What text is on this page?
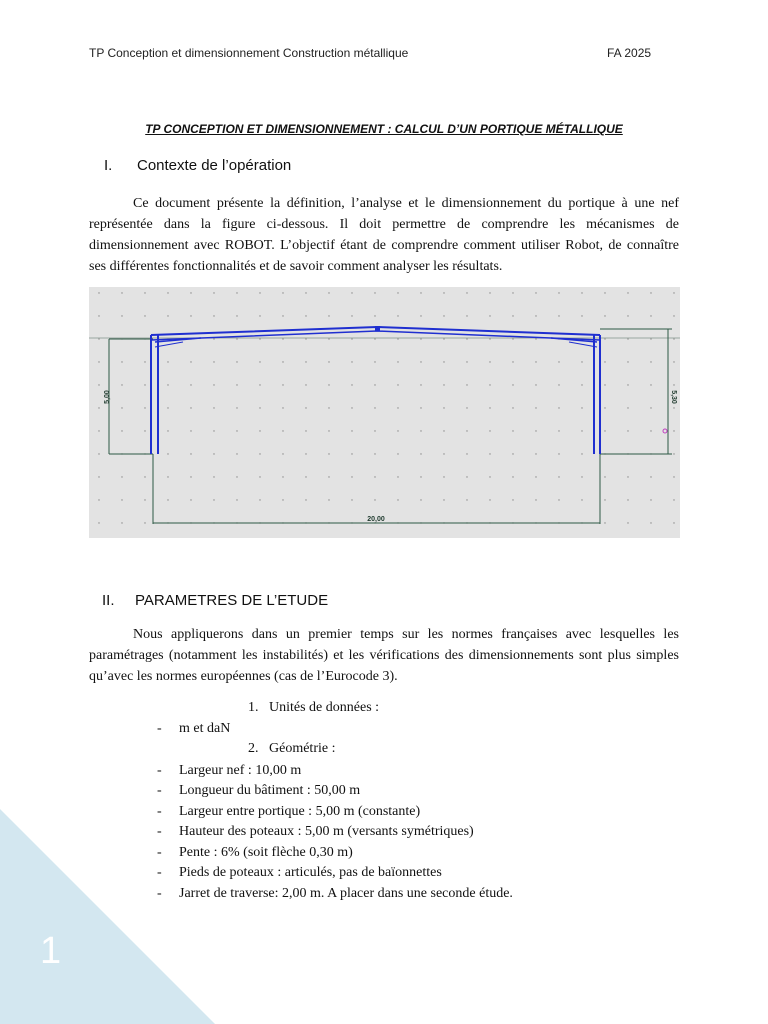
TP Conception et dimensionnement Construction métallique	FA 2025
TP CONCEPTION ET DIMENSIONNEMENT : CALCUL D’UN PORTIQUE MÉTALLIQUE
I. Contexte de l’opération

Ce document présente la définition, l’analyse et le dimensionnement du portique à une nef représentée dans la figure ci-dessous. Il doit permettre de comprendre les mécanismes de dimensionnement avec ROBOT. L’objectif étant de comprendre comment utiliser Robot, de connaître ses différentes fonctionnalités et de savoir comment analyser les résultats.

5,00	5,30
20,00
II. PARAMETRES DE L’ETUDE

Nous appliquerons dans un premier temps sur les normes françaises avec lesquelles les paramétrages (notamment les instabilités) et les vérifications des dimensionnements sont plus simples qu’avec les normes européennes (cas de l’Eurocode 3).

1. Unités de données :
- m et daN
2. Géométrie :
- Largeur nef : 10,00 m
- Longueur du bâtiment : 50,00 m
- Largeur entre portique : 5,00 m (constante)
- Hauteur des poteaux : 5,00 m (versants symétriques)
- Pente : 6% (soit flèche 0,30 m)
- Pieds de poteaux : articulés, pas de baïonnettes
- Jarret de traverse: 2,00 m. A placer dans une seconde étude.
1
